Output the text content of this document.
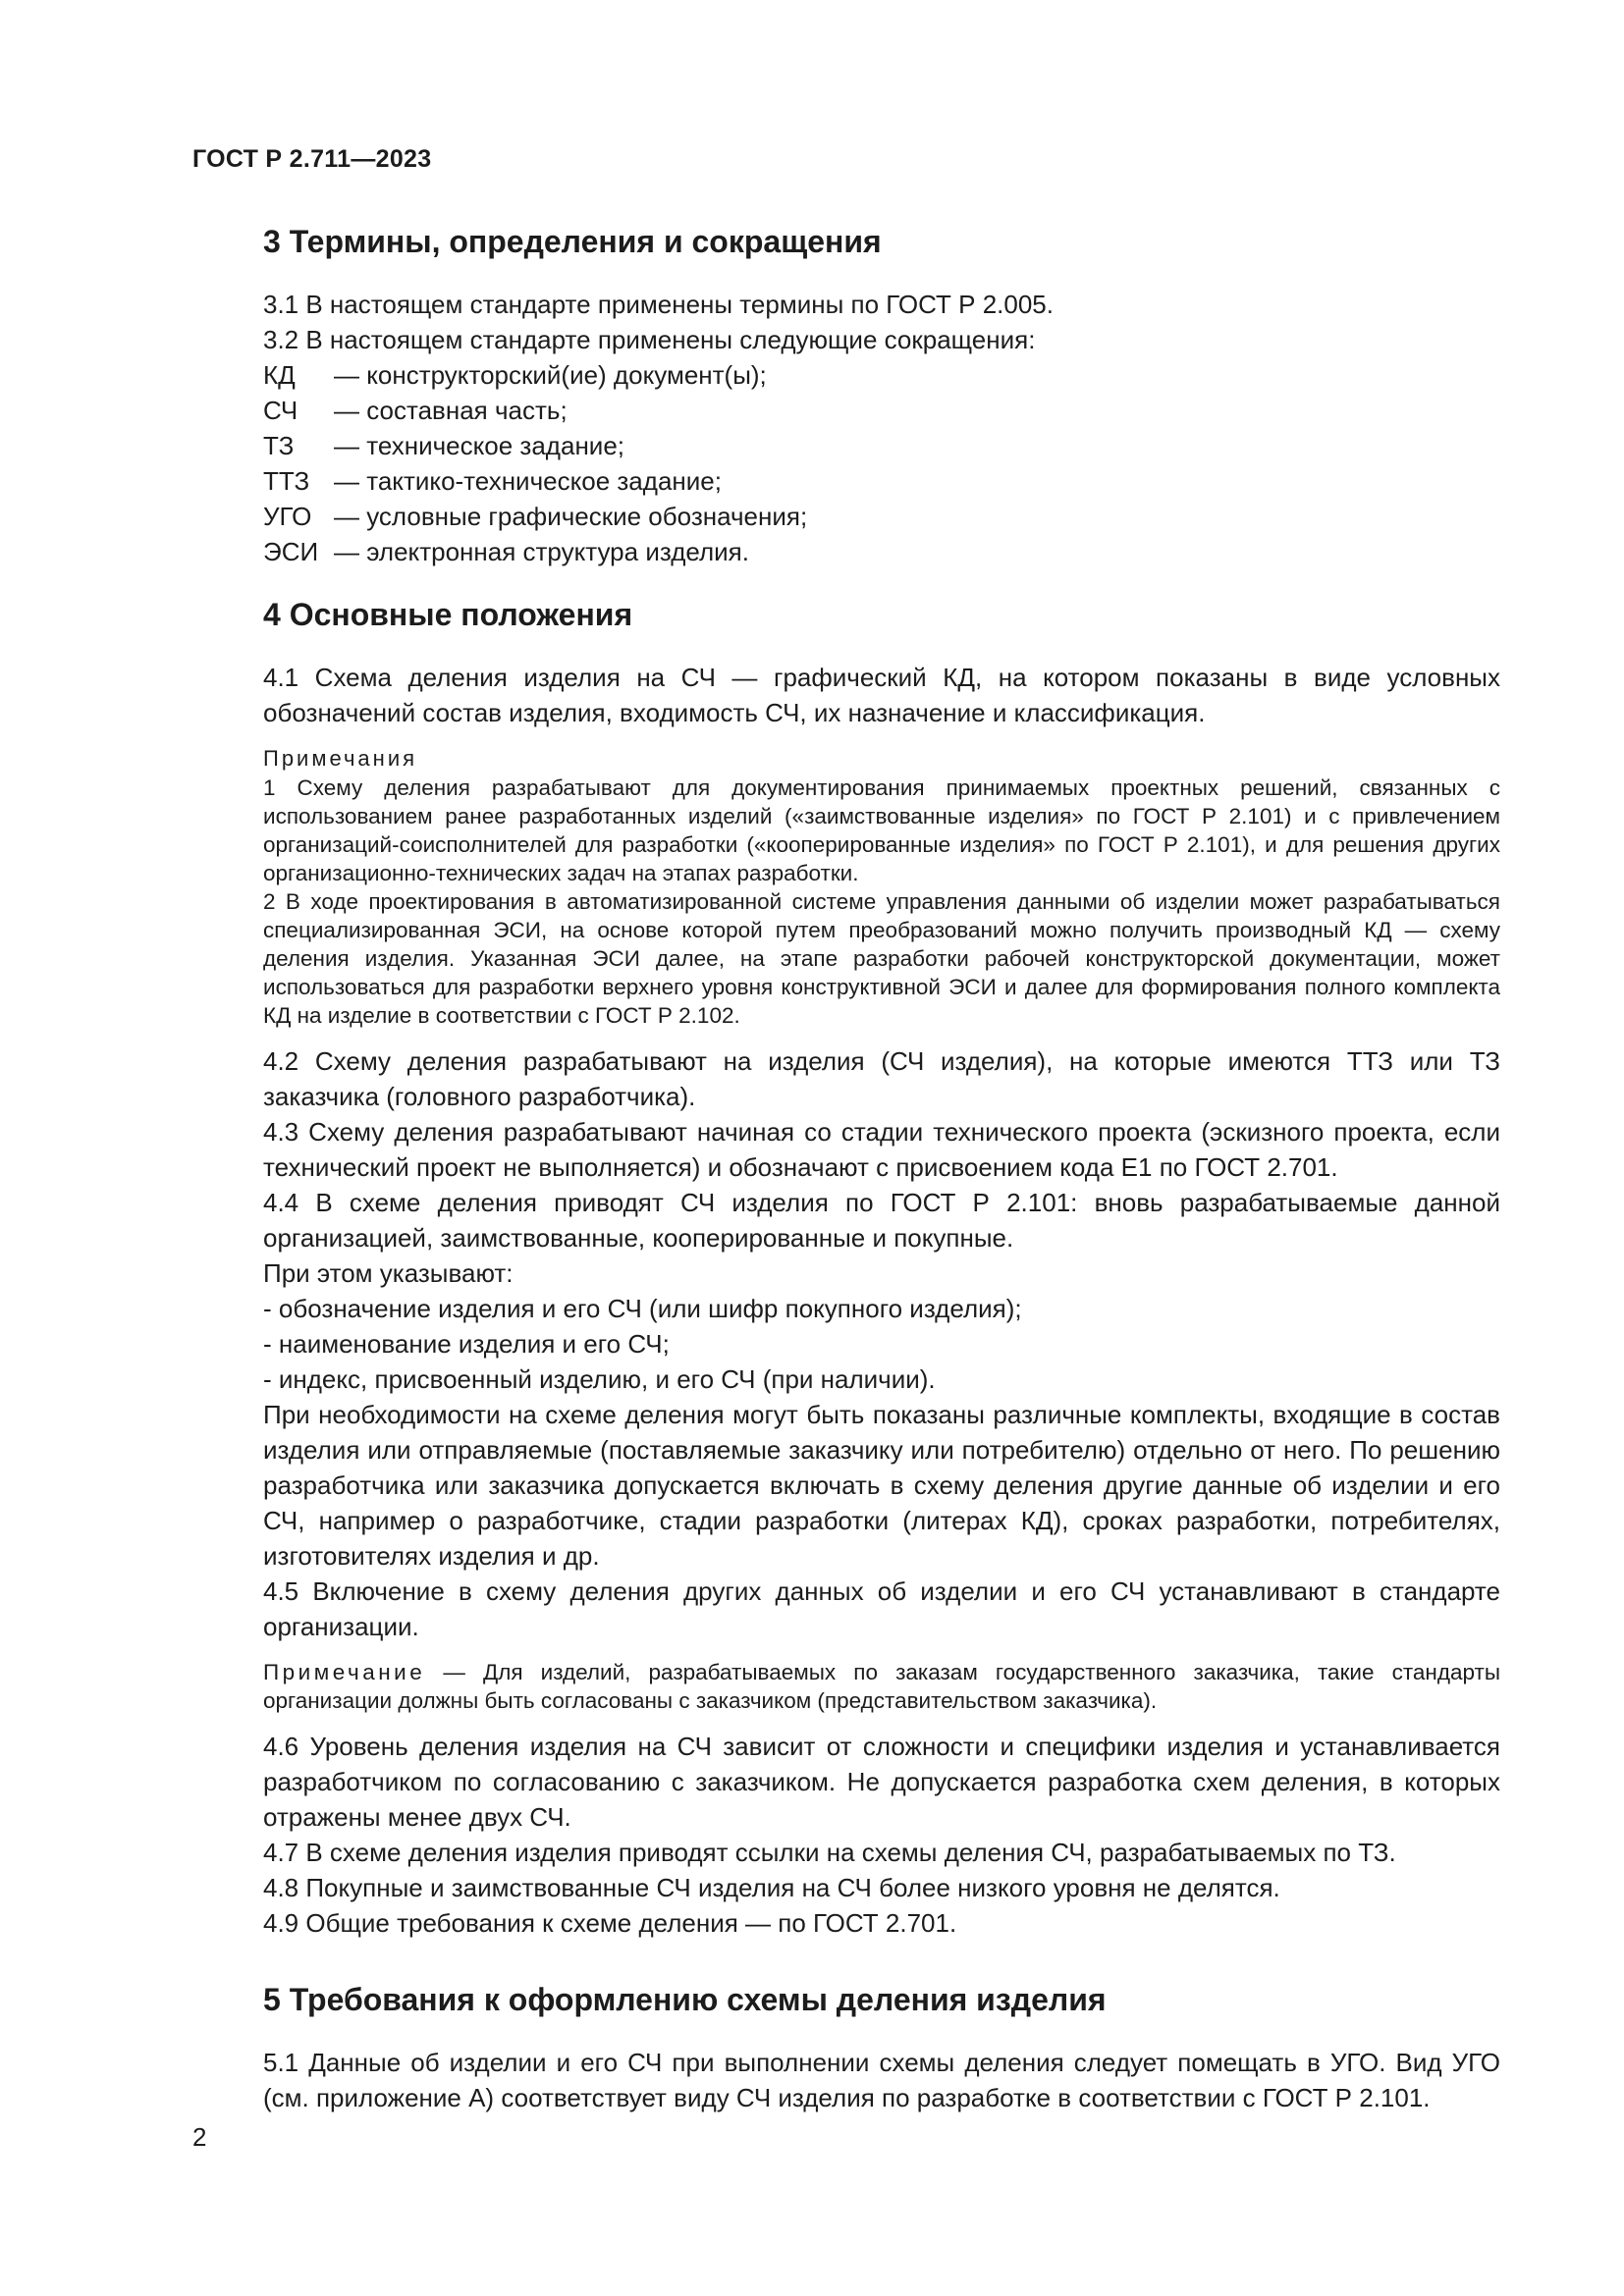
ГОСТ Р 2.711—2023
3 Термины, определения и сокращения
3.1 В настоящем стандарте применены термины по ГОСТ Р 2.005.
3.2 В настоящем стандарте применены следующие сокращения:
КД	— конструкторский(ие) документ(ы);
СЧ	— составная часть;
ТЗ	— техническое задание;
ТТЗ — тактико-техническое задание;
УГО — условные графические обозначения;
ЭСИ — электронная структура изделия.
4 Основные положения
4.1 Схема деления изделия на СЧ — графический КД, на котором показаны в виде условных обозначений состав изделия, входимость СЧ, их назначение и классификация.
Примечания
1 Схему деления разрабатывают для документирования принимаемых проектных решений, связанных с использованием ранее разработанных изделий («заимствованные изделия» по ГОСТ Р 2.101) и с привлечением организаций-соисполнителей для разработки («кооперированные изделия» по ГОСТ Р 2.101), и для решения других организационно-технических задач на этапах разработки.
2 В ходе проектирования в автоматизированной системе управления данными об изделии может разрабатываться специализированная ЭСИ, на основе которой путем преобразований можно получить производный КД — схему деления изделия. Указанная ЭСИ далее, на этапе разработки рабочей конструкторской документации, может использоваться для разработки верхнего уровня конструктивной ЭСИ и далее для формирования полного комплекта КД на изделие в соответствии с ГОСТ Р 2.102.
4.2 Схему деления разрабатывают на изделия (СЧ изделия), на которые имеются ТТЗ или ТЗ заказчика (головного разработчика).
4.3 Схему деления разрабатывают начиная со стадии технического проекта (эскизного проекта, если технический проект не выполняется) и обозначают с присвоением кода Е1 по ГОСТ 2.701.
4.4 В схеме деления приводят СЧ изделия по ГОСТ Р 2.101: вновь разрабатываемые данной организацией, заимствованные, кооперированные и покупные.
При этом указывают:
- обозначение изделия и его СЧ (или шифр покупного изделия);
- наименование изделия и его СЧ;
- индекс, присвоенный изделию, и его СЧ (при наличии).
При необходимости на схеме деления могут быть показаны различные комплекты, входящие в состав изделия или отправляемые (поставляемые заказчику или потребителю) отдельно от него. По решению разработчика или заказчика допускается включать в схему деления другие данные об изделии и его СЧ, например о разработчике, стадии разработки (литерах КД), сроках разработки, потребителях, изготовителях изделия и др.
4.5 Включение в схему деления других данных об изделии и его СЧ устанавливают в стандарте организации.
Примечание — Для изделий, разрабатываемых по заказам государственного заказчика, такие стандарты организации должны быть согласованы с заказчиком (представительством заказчика).
4.6 Уровень деления изделия на СЧ зависит от сложности и специфики изделия и устанавливается разработчиком по согласованию с заказчиком. Не допускается разработка схем деления, в которых отражены менее двух СЧ.
4.7 В схеме деления изделия приводят ссылки на схемы деления СЧ, разрабатываемых по ТЗ.
4.8 Покупные и заимствованные СЧ изделия на СЧ более низкого уровня не делятся.
4.9 Общие требования к схеме деления — по ГОСТ 2.701.
5 Требования к оформлению схемы деления изделия
5.1 Данные об изделии и его СЧ при выполнении схемы деления следует помещать в УГО. Вид УГО (см. приложение А) соответствует виду СЧ изделия по разработке в соответствии с ГОСТ Р 2.101.
2
